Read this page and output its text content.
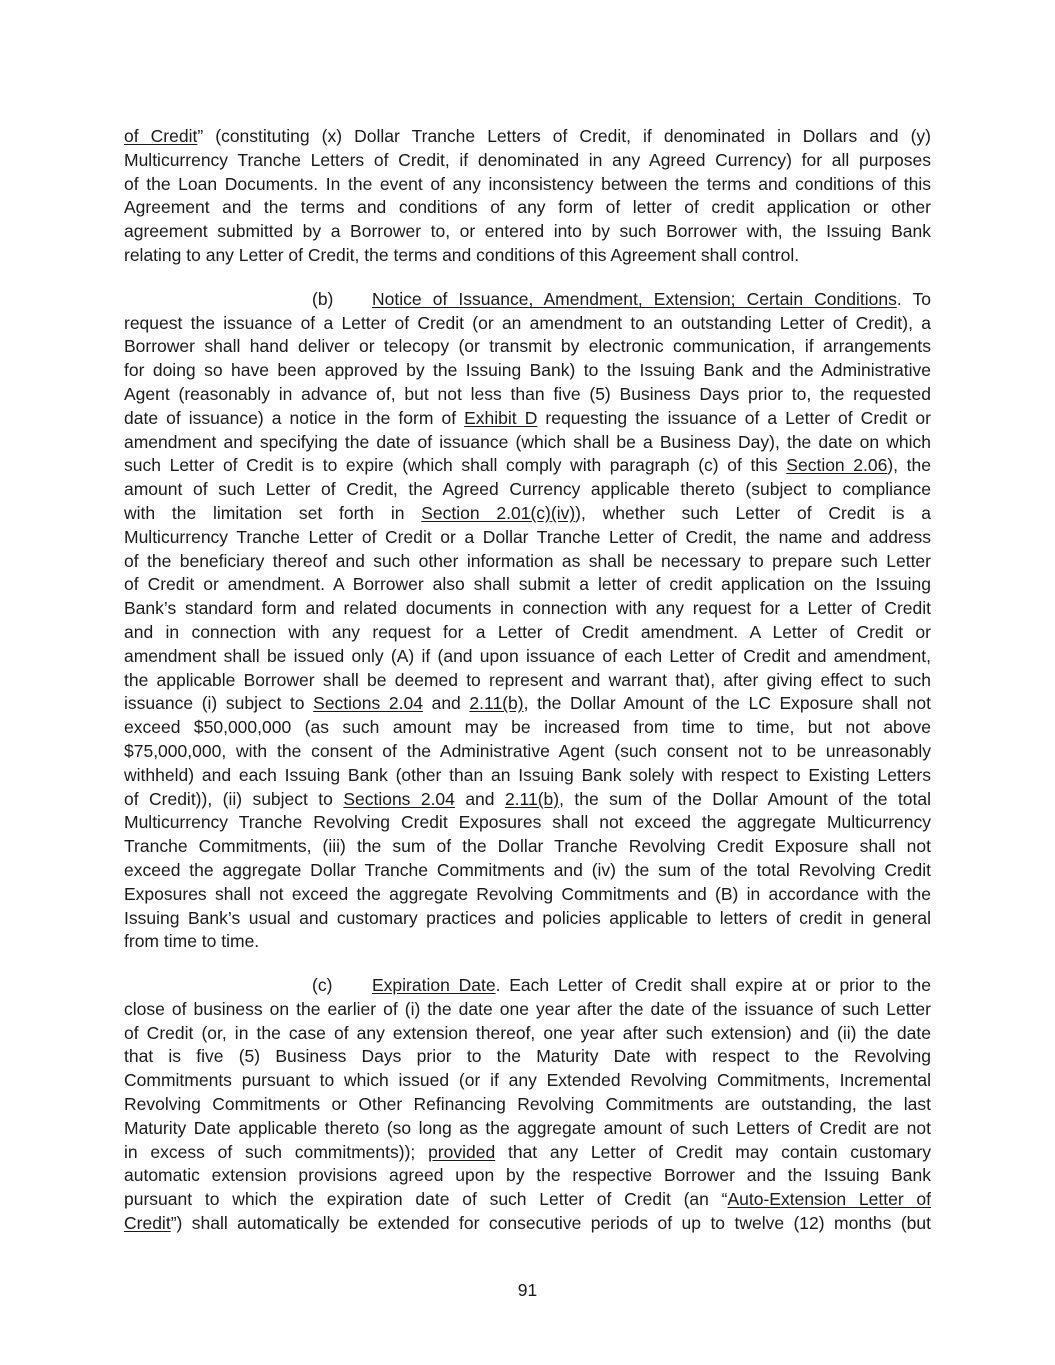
of Credit” (constituting (x) Dollar Tranche Letters of Credit, if denominated in Dollars and (y)
Multicurrency Tranche Letters of Credit, if denominated in any Agreed Currency) for all purposes
of the Loan Documents. In the event of any inconsistency between the terms and conditions of this
Agreement and the terms and conditions of any form of letter of credit application or other
agreement submitted by a Borrower to, or entered into by such Borrower with, the Issuing Bank
relating to any Letter of Credit, the terms and conditions of this Agreement shall control.
(b) Notice of Issuance, Amendment, Extension; Certain Conditions. To
request the issuance of a Letter of Credit (or an amendment to an outstanding Letter of Credit), a
Borrower shall hand deliver or telecopy (or transmit by electronic communication, if arrangements
for doing so have been approved by the Issuing Bank) to the Issuing Bank and the Administrative
Agent (reasonably in advance of, but not less than five (5) Business Days prior to, the requested
date of issuance) a notice in the form of Exhibit D requesting the issuance of a Letter of Credit or
amendment and specifying the date of issuance (which shall be a Business Day), the date on which
such Letter of Credit is to expire (which shall comply with paragraph (c) of this Section 2.06), the
amount of such Letter of Credit, the Agreed Currency applicable thereto (subject to compliance
with the limitation set forth in Section 2.01(c)(iv)), whether such Letter of Credit is a
Multicurrency Tranche Letter of Credit or a Dollar Tranche Letter of Credit, the name and address
of the beneficiary thereof and such other information as shall be necessary to prepare such Letter
of Credit or amendment. A Borrower also shall submit a letter of credit application on the Issuing
Bank’s standard form and related documents in connection with any request for a Letter of Credit
and in connection with any request for a Letter of Credit amendment. A Letter of Credit or
amendment shall be issued only (A) if (and upon issuance of each Letter of Credit and amendment,
the applicable Borrower shall be deemed to represent and warrant that), after giving effect to such
issuance (i) subject to Sections 2.04 and 2.11(b), the Dollar Amount of the LC Exposure shall not
exceed $50,000,000 (as such amount may be increased from time to time, but not above
$75,000,000, with the consent of the Administrative Agent (such consent not to be unreasonably
withheld) and each Issuing Bank (other than an Issuing Bank solely with respect to Existing Letters
of Credit)), (ii) subject to Sections 2.04 and 2.11(b), the sum of the Dollar Amount of the total
Multicurrency Tranche Revolving Credit Exposures shall not exceed the aggregate Multicurrency
Tranche Commitments, (iii) the sum of the Dollar Tranche Revolving Credit Exposure shall not
exceed the aggregate Dollar Tranche Commitments and (iv) the sum of the total Revolving Credit
Exposures shall not exceed the aggregate Revolving Commitments and (B) in accordance with the
Issuing Bank’s usual and customary practices and policies applicable to letters of credit in general
from time to time.
(c) Expiration Date. Each Letter of Credit shall expire at or prior to the
close of business on the earlier of (i) the date one year after the date of the issuance of such Letter
of Credit (or, in the case of any extension thereof, one year after such extension) and (ii) the date
that is five (5) Business Days prior to the Maturity Date with respect to the Revolving
Commitments pursuant to which issued (or if any Extended Revolving Commitments, Incremental
Revolving Commitments or Other Refinancing Revolving Commitments are outstanding, the last
Maturity Date applicable thereto (so long as the aggregate amount of such Letters of Credit are not
in excess of such commitments)); provided that any Letter of Credit may contain customary
automatic extension provisions agreed upon by the respective Borrower and the Issuing Bank
pursuant to which the expiration date of such Letter of Credit (an “Auto-Extension Letter of
Credit”) shall automatically be extended for consecutive periods of up to twelve (12) months (but
91
